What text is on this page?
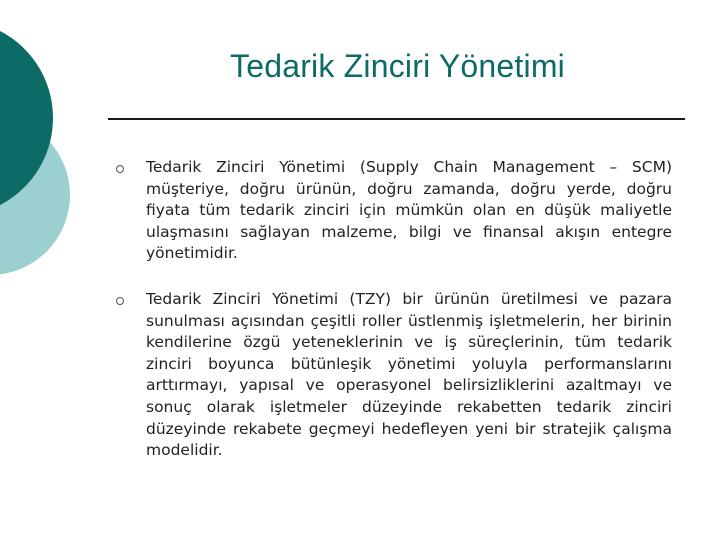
Tedarik Zinciri Yönetimi
Tedarik Zinciri Yönetimi (Supply Chain Management – SCM) müşteriye, doğru ürünün, doğru zamanda, doğru yerde, doğru fiyata tüm tedarik zinciri için mümkün olan en düşük maliyetle ulaşmasını sağlayan malzeme, bilgi ve finansal akışın entegre yönetimidir.
Tedarik Zinciri Yönetimi (TZY) bir ürünün üretilmesi ve pazara sunulması açısından çeşitli roller üstlenmiş işletmelerin, her birinin kendilerine özgü yeteneklerinin ve iş süreçlerinin, tüm tedarik zinciri boyunca bütünleşik yönetimi yoluyla performanslarını arttırmayı, yapısal ve operasyonel belirsizliklerini azaltmayı ve sonuç olarak işletmeler düzeyinde rekabetten tedarik zinciri düzeyinde rekabete geçmeyi hedefleyen yeni bir stratejik çalışma modelidir.
